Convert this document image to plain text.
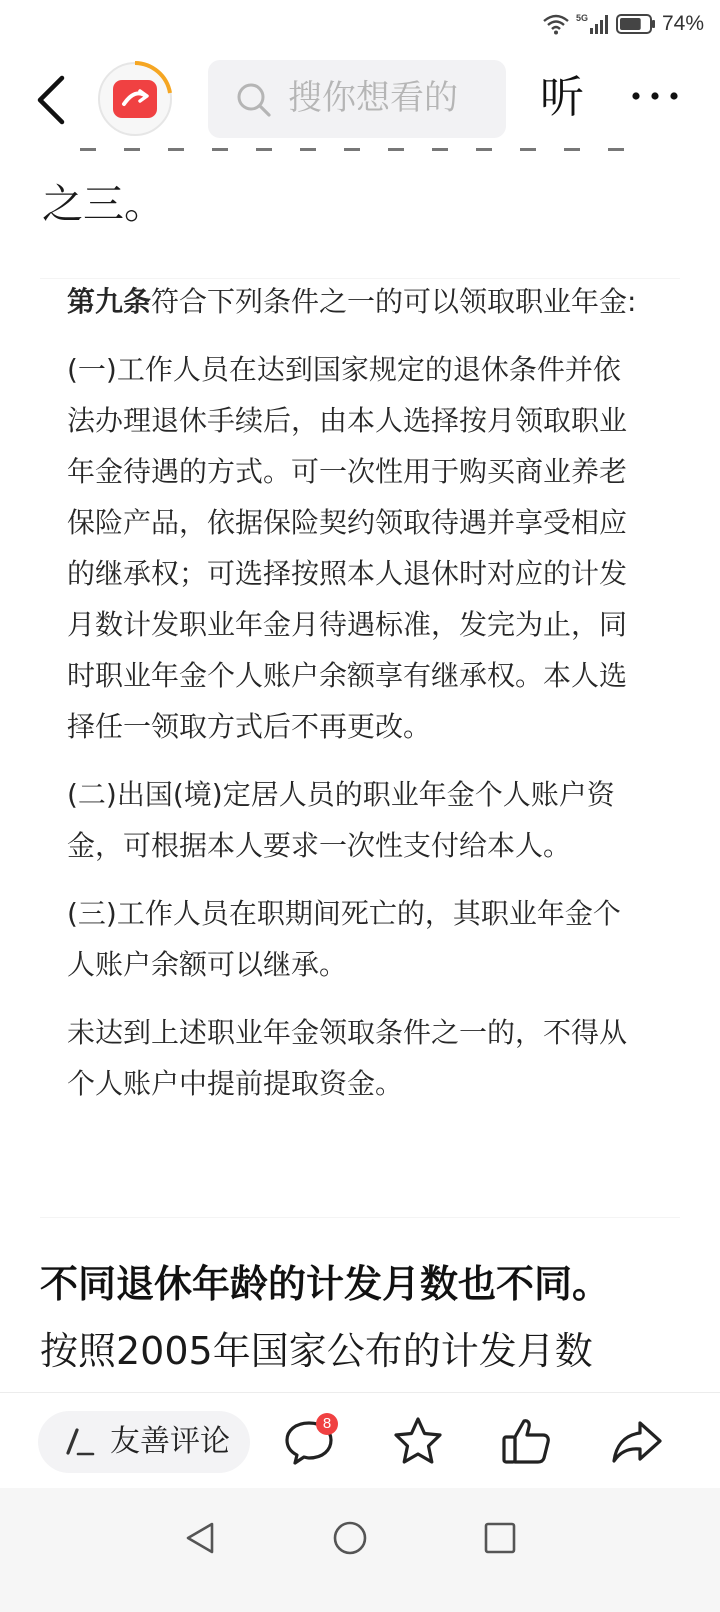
5G	74%
搜你想看的 听
之三。

第九条符合下列条件之一的可以领取职业年金:

(一)工作人员在达到国家规定的退休条件并依法办理退休手续后，由本人选择按月领取职业年金待遇的方式。可一次性用于购买商业养老保险产品，依据保险契约领取待遇并享受相应的继承权；可选择按照本人退休时对应的计发月数计发职业年金月待遇标准，发完为止，同时职业年金个人账户余额享有继承权。本人选择任一领取方式后不再更改。

(二)出国(境)定居人员的职业年金个人账户资金，可根据本人要求一次性支付给本人。

(三)工作人员在职期间死亡的，其职业年金个人账户余额可以继承。

未达到上述职业年金领取条件之一的，不得从个人账户中提前提取资金。

不同退休年龄的计发月数也不同。
按照2005年国家公布的计发月数
友善评论
8
